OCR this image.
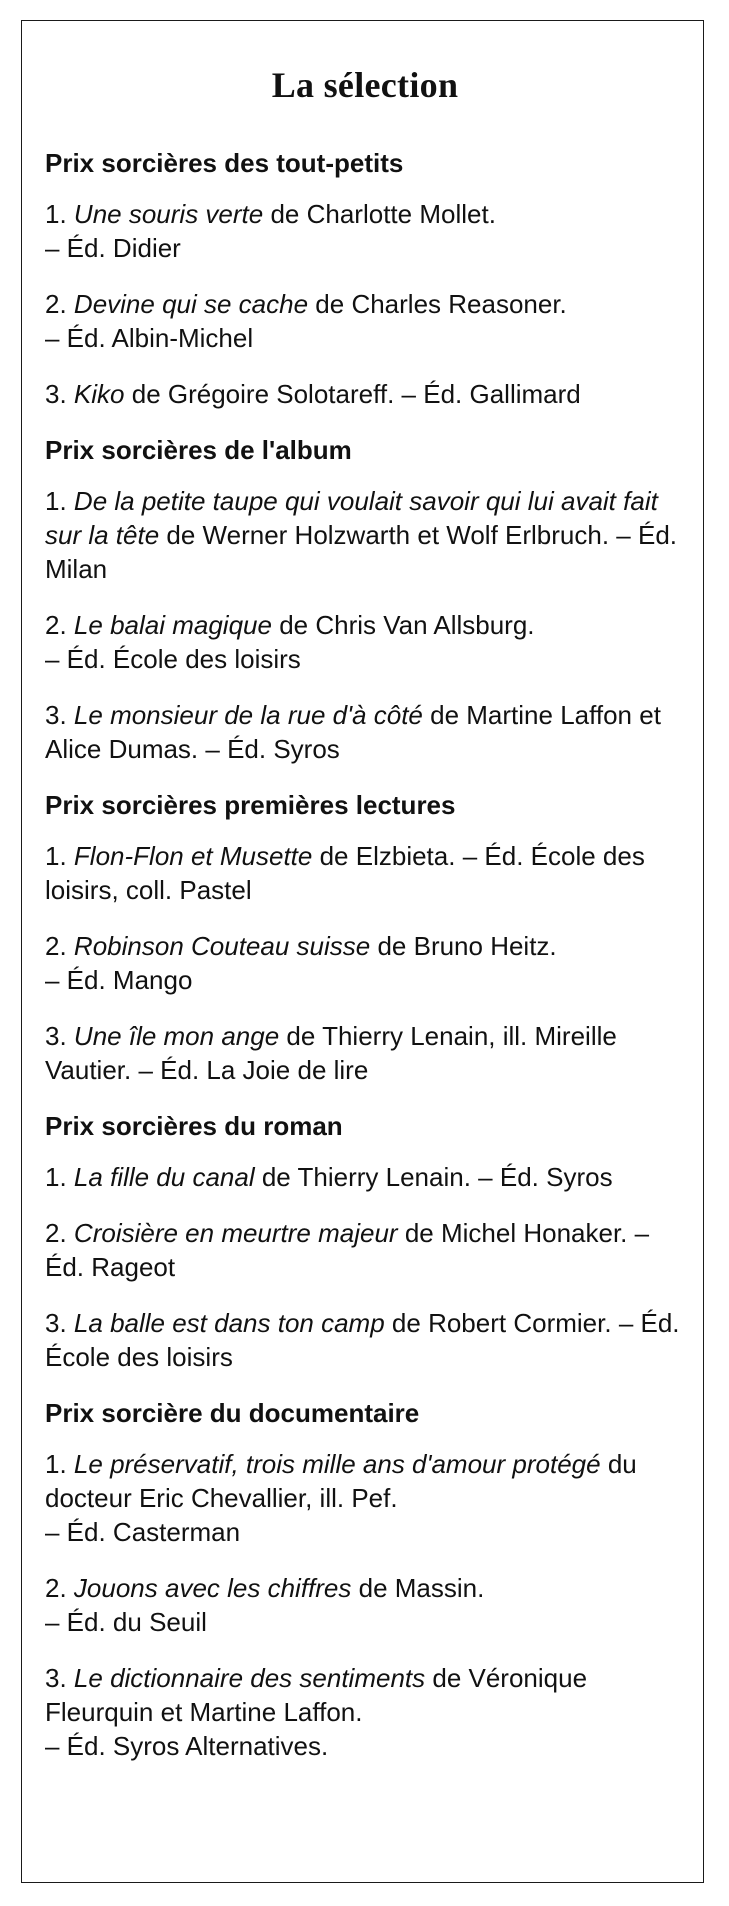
La sélection
Prix sorcières des tout-petits

1. Une souris verte de Charlotte Mollet.
– Éd. Didier

2. Devine qui se cache de Charles Reasoner.
– Éd. Albin-Michel

3. Kiko de Grégoire Solotareff. – Éd. Gallimard

Prix sorcières de l'album

1. De la petite taupe qui voulait savoir qui lui avait fait sur la tête de Werner Holzwarth et Wolf Erlbruch. – Éd. Milan

2. Le balai magique de Chris Van Allsburg.
– Éd. École des loisirs

3. Le monsieur de la rue d'à côté de Martine Laffon et Alice Dumas. – Éd. Syros

Prix sorcières premières lectures

1. Flon-Flon et Musette de Elzbieta. – Éd. École des loisirs, coll. Pastel

2. Robinson Couteau suisse de Bruno Heitz.
– Éd. Mango

3. Une île mon ange de Thierry Lenain, ill. Mireille Vautier. – Éd. La Joie de lire

Prix sorcières du roman

1. La fille du canal de Thierry Lenain. – Éd. Syros

2. Croisière en meurtre majeur de Michel Honaker. – Éd. Rageot

3. La balle est dans ton camp de Robert Cormier. – Éd. École des loisirs

Prix sorcière du documentaire

1. Le préservatif, trois mille ans d'amour protégé du docteur Eric Chevallier, ill. Pef.
– Éd. Casterman

2. Jouons avec les chiffres de Massin.
– Éd. du Seuil

3. Le dictionnaire des sentiments de Véronique Fleurquin et Martine Laffon.
– Éd. Syros Alternatives.
